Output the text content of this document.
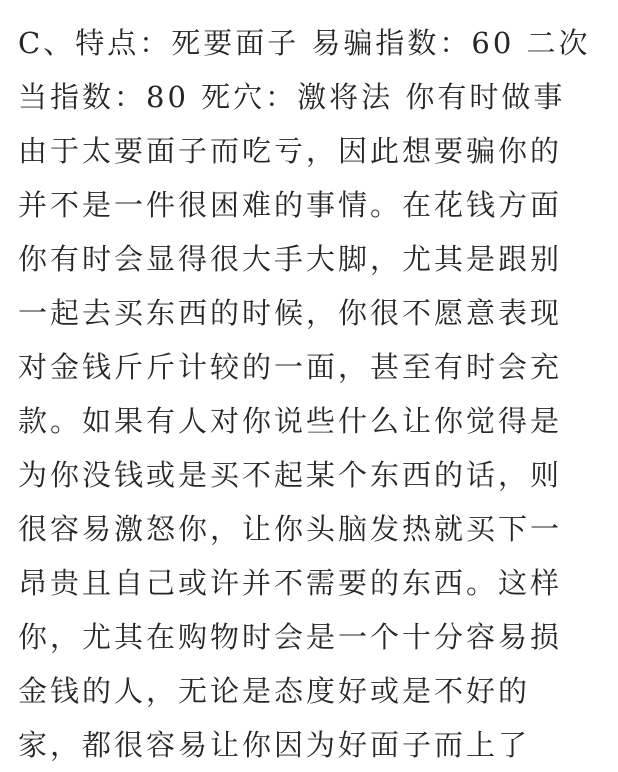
C、特点：死要面子 易骗指数：60 二次
当指数：80 死穴：激将法 你有时做事
由于太要面子而吃亏，因此想要骗你的
并不是一件很困难的事情。在花钱方面
你有时会显得很大手大脚，尤其是跟别
一起去买东西的时候，你很不愿意表现
对金钱斤斤计较的一面，甚至有时会充
款。如果有人对你说些什么让你觉得是
为你没钱或是买不起某个东西的话，则
很容易激怒你，让你头脑发热就买下一
昂贵且自己或许并不需要的东西。这样
你，尤其在购物时会是一个十分容易损
金钱的人，无论是态度好或是不好的
家，都很容易让你因为好面子而上了
